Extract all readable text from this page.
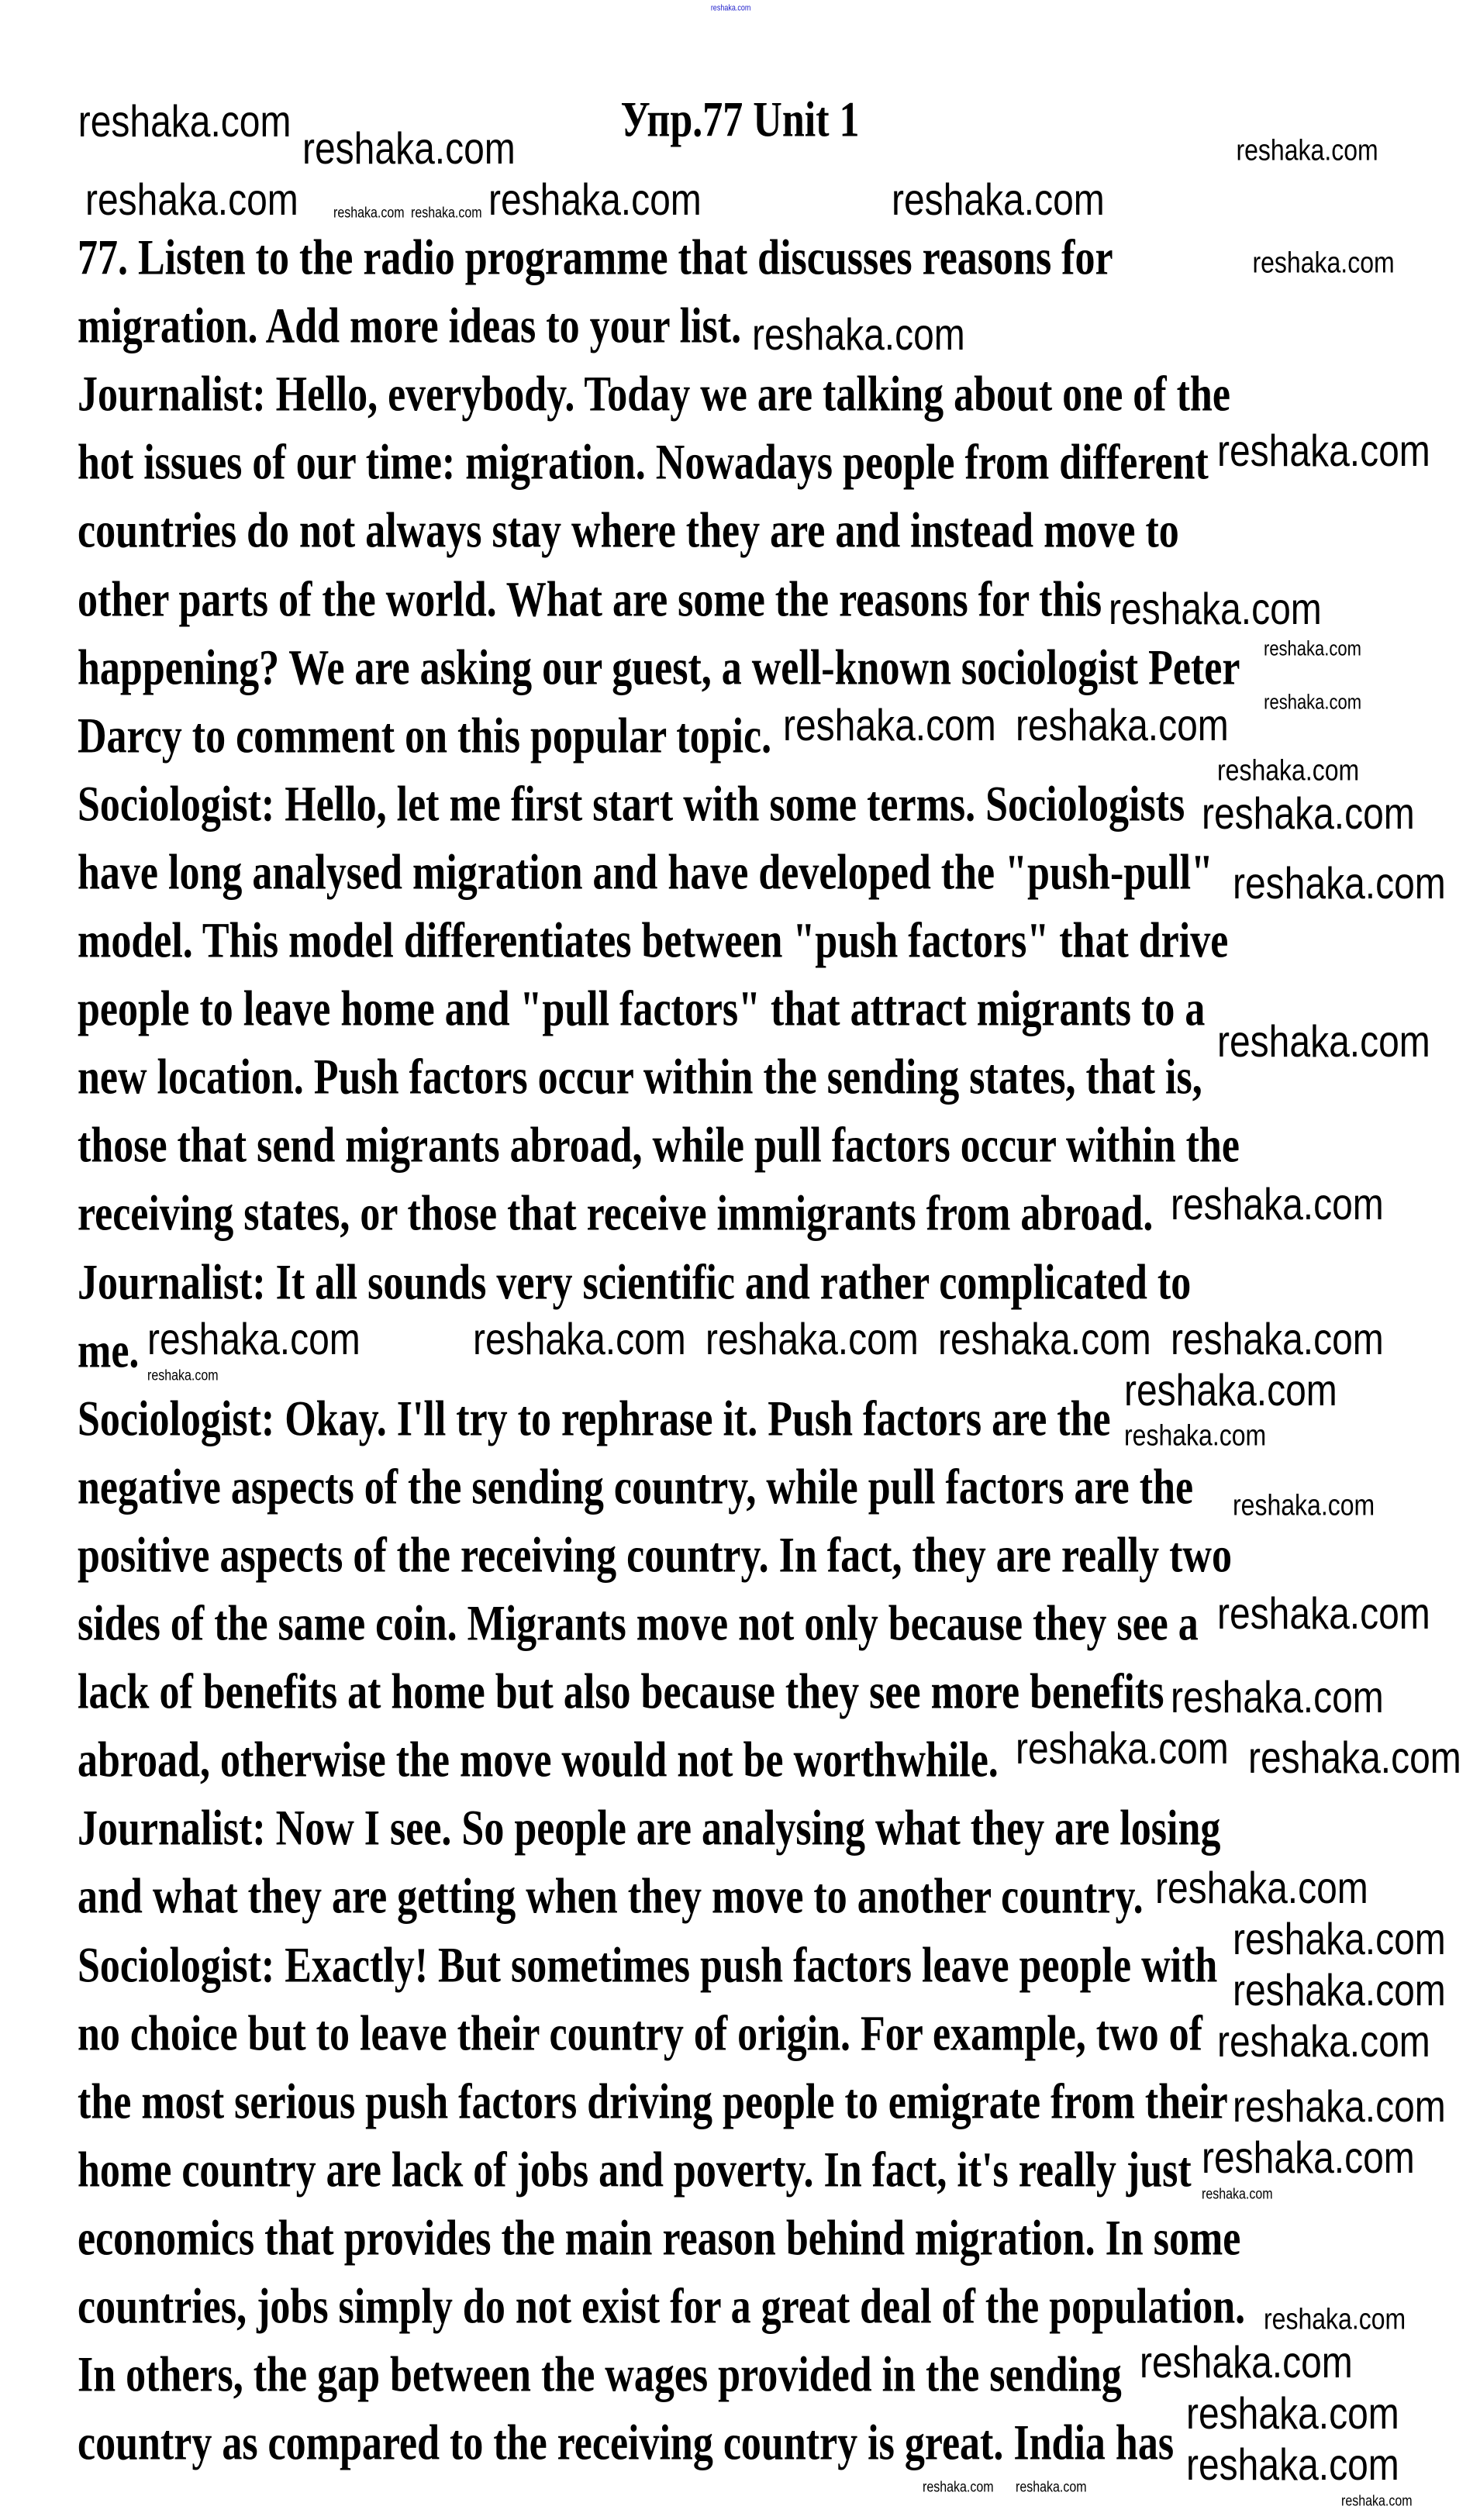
Упр.77 Unit 1
77. Listen to the radio programme that discusses reasons for
migration. Add more ideas to your list.
Journalist: Hello, everybody. Today we are talking about one of the
hot issues of our time: migration. Nowadays people from different
countries do not always stay where they are and instead move to
other parts of the world. What are some the reasons for this
happening? We are asking our guest, a well-known sociologist Peter
Darcy to comment on this popular topic.
Sociologist: Hello, let me first start with some terms. Sociologists
have long analysed migration and have developed the "push-pull"
model. This model differentiates between "push factors" that drive
people to leave home and "pull factors" that attract migrants to a
new location. Push factors occur within the sending states, that is,
those that send migrants abroad, while pull factors occur within the
receiving states, or those that receive immigrants from abroad.
Journalist: It all sounds very scientific and rather complicated to
me.
Sociologist: Okay. I'll try to rephrase it. Push factors are the
negative aspects of the sending country, while pull factors are the
positive aspects of the receiving country. In fact, they are really two
sides of the same coin. Migrants move not only because they see a
lack of benefits at home but also because they see more benefits
abroad, otherwise the move would not be worthwhile.
Journalist: Now I see. So people are analysing what they are losing
and what they are getting when they move to another country.
Sociologist: Exactly! But sometimes push factors leave people with
no choice but to leave their country of origin. For example, two of
the most serious push factors driving people to emigrate from their
home country are lack of jobs and poverty. In fact, it's really just
economics that provides the main reason behind migration. In some
countries, jobs simply do not exist for a great deal of the population.
In others, the gap between the wages provided in the sending
country as compared to the receiving country is great. India has
reshaka.com
reshaka.com
reshaka.com	reshaka.com
reshaka.com
reshaka.com
reshaka.com
reshaka.com
reshaka.com
reshaka.com
reshaka.com
reshaka.com
reshaka.com
reshaka.com
reshaka.com
reshaka.com
reshaka.com
reshaka.com reshaka.com reshaka.com
reshaka.com
reshaka.com
reshaka.com
reshaka.com
reshaka.com
reshaka.com
reshaka.com
reshaka.com
reshaka.com
reshaka.com
reshaka.com
reshaka.com
reshaka.com
reshaka.com
reshaka.com
reshaka.com
reshaka.com
reshaka.com
reshaka.com
reshaka.com
reshaka.com
reshaka.com
reshaka.com
reshaka.com
reshaka.com
reshaka.com
reshaka.com reshaka.com
reshaka.com
